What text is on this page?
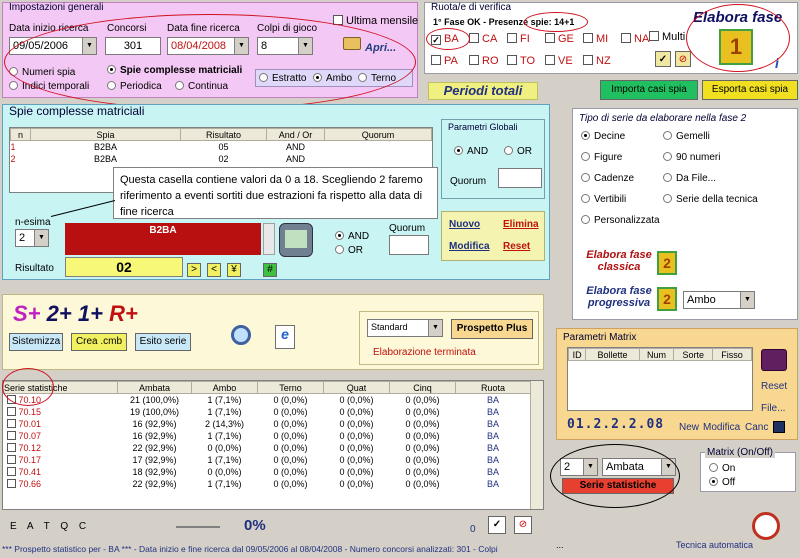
Impostazioni generali
Data inizio ricerca
09/05/2006	▼
Concorsi
301
Data fine ricerca
08/04/2008	▼
Colpi di gioco
8	▼
Ultima mensile
Apri...
Numeri spia	Spie complesse matriciali
Indici temporali	Periodica	Continua
Estratto	Ambo	Terno
Ruota/e di verifica
1° Fase OK - Presenze spie: 14+1
✓ BA	CA	FI	GE	MI	NA
PA	RO	TO	VE	NZ
Multi
✓	⊘
Elabora fase
1
i
Periodi totali	Importa casi spia	Esporta casi spia
Spie complesse matriciali
n	Spia	Risultato	And / Or	Quorum
1	B2BA	05	AND	
2	B2BA	02	AND	
Questa casella contiene valori da 0 a 18. Scegliendo 2 faremo riferimento a eventi sortiti due estrazioni fa rispetto alla data di fine ricerca
n-esima
2	▼
B2BA
Risultato	02	>	<	¥	#
AND
OR
Quorum Nuovo Elimina
Modifica Reset
Parametri Globali
AND	OR
Quorum
Tipo di serie da elaborare nella fase 2
Decine
Figure
Cadenze
Vertibili
Personalizzata
Gemelli
90 numeri
Da File...
Serie della tecnica
Elabora fase classica	2
Elabora fase progressiva 2	Ambo	▼
S+ 2+ 1+ R+
Sistemizza	Crea .cmb	Esito serie	e	Standard	▼	Prospetto Plus
Elaborazione terminata
Parametri Matrix
ID	Bollette	Num	Sorte	Fisso
Reset
File...
01.2.2.2.08 New Modifica Canc
Serie statistiche	Ambata	Ambo	Terno	Quat	Cinq	Ruota
70.10	21 (100,0%)	1 (7,1%)	0 (0,0%)	0 (0,0%)	0 (0,0%)	BA
70.15	19 (100,0%)	1 (7,1%)	0 (0,0%)	0 (0,0%)	0 (0,0%)	BA
70.01	16 (92,9%)	2 (14,3%)	0 (0,0%)	0 (0,0%)	0 (0,0%)	BA
70.07	16 (92,9%)	1 (7,1%)	0 (0,0%)	0 (0,0%)	0 (0,0%)	BA
70.12	22 (92,9%)	0 (0,0%)	0 (0,0%)	0 (0,0%)	0 (0,0%)	BA
70.17	17 (92,9%)	1 (7,1%)	0 (0,0%)	0 (0,0%)	0 (0,0%)	BA
70.41	18 (92,9%)	0 (0,0%)	0 (0,0%)	0 (0,0%)	0 (0,0%)	BA
70.66	22 (92,9%)	1 (7,1%)	0 (0,0%)	0 (0,0%)	0 (0,0%)	BA
2	▼	Ambata	▼
Serie statistiche
Matrix (On/Off)
On
Off
E A T Q C	0%	0	✓	⊘
*** Prospetto statistico per - BA *** - Data inizio e fine ricerca dal 09/05/2006 al 08/04/2008 - Numero concorsi analizzati: 301 - Colpi	...	Tecnica automatica
